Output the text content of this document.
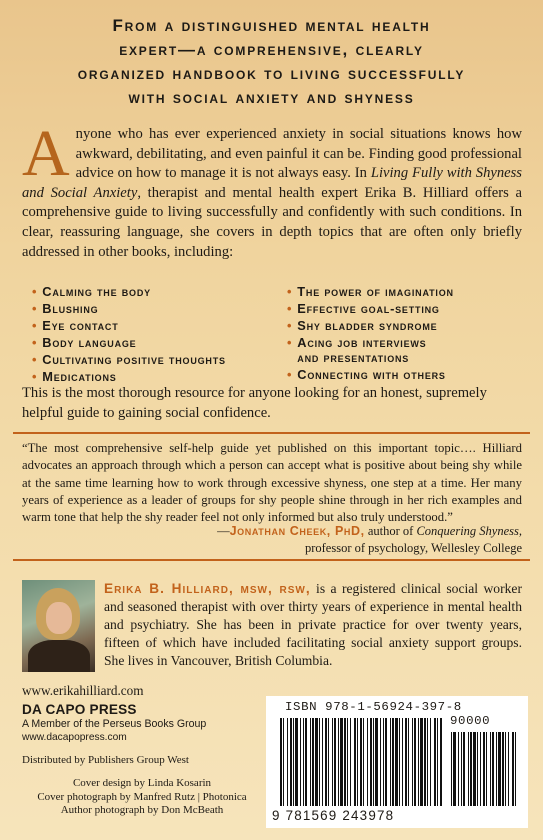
From a distinguished mental health
expert—a comprehensive, clearly
organized handbook to living successfully
with social anxiety and shyness
Anyone who has ever experienced anxiety in social situations knows how awkward, debilitating, and even painful it can be. Finding good professional advice on how to manage it is not always easy. In Living Fully with Shyness and Social Anxiety, therapist and mental health expert Erika B. Hilliard offers a comprehensive guide to living successfully and confidently with such conditions. In clear, reassuring language, she covers in depth topics that are often only briefly addressed in other books, including:
• Calming the body
• Blushing
• Eye contact
• Body language
• Cultivating positive thoughts
• Medications
• The power of imagination
• Effective goal-setting
• Shy bladder syndrome
• Acing job interviews
and presentations
• Connecting with others
This is the most thorough resource for anyone looking for an honest, supremely helpful guide to gaining social confidence.
“The most comprehensive self-help guide yet published on this important topic…. Hilliard advocates an approach through which a person can accept what is positive about being shy while at the same time learning how to work through excessive shyness, one step at a time. Her many years of experience as a leader of groups for shy people shine through in her rich examples and warm tone that help the shy reader feel not only informed but also truly understood.”
—Jonathan Cheek, PhD, author of Conquering Shyness,
professor of psychology, Wellesley College
Erika B. Hilliard, msw, rsw, is a registered clinical social worker and seasoned therapist with over thirty years of experience in mental health and psychiatry. She has been in private practice for over twenty years, fifteen of which have included facilitating social anxiety support groups. She lives in Vancouver, British Columbia.
www.erikahilliard.com
DA CAPO PRESS
A Member of the Perseus Books Group
www.dacapopress.com
Distributed by Publishers Group West
Cover design by Linda Kosarin
Cover photograph by Manfred Rutz | Photonica
Author photograph by Don McBeath
ISBN 978-1-56924-397-8
90000
9 781569 243978
